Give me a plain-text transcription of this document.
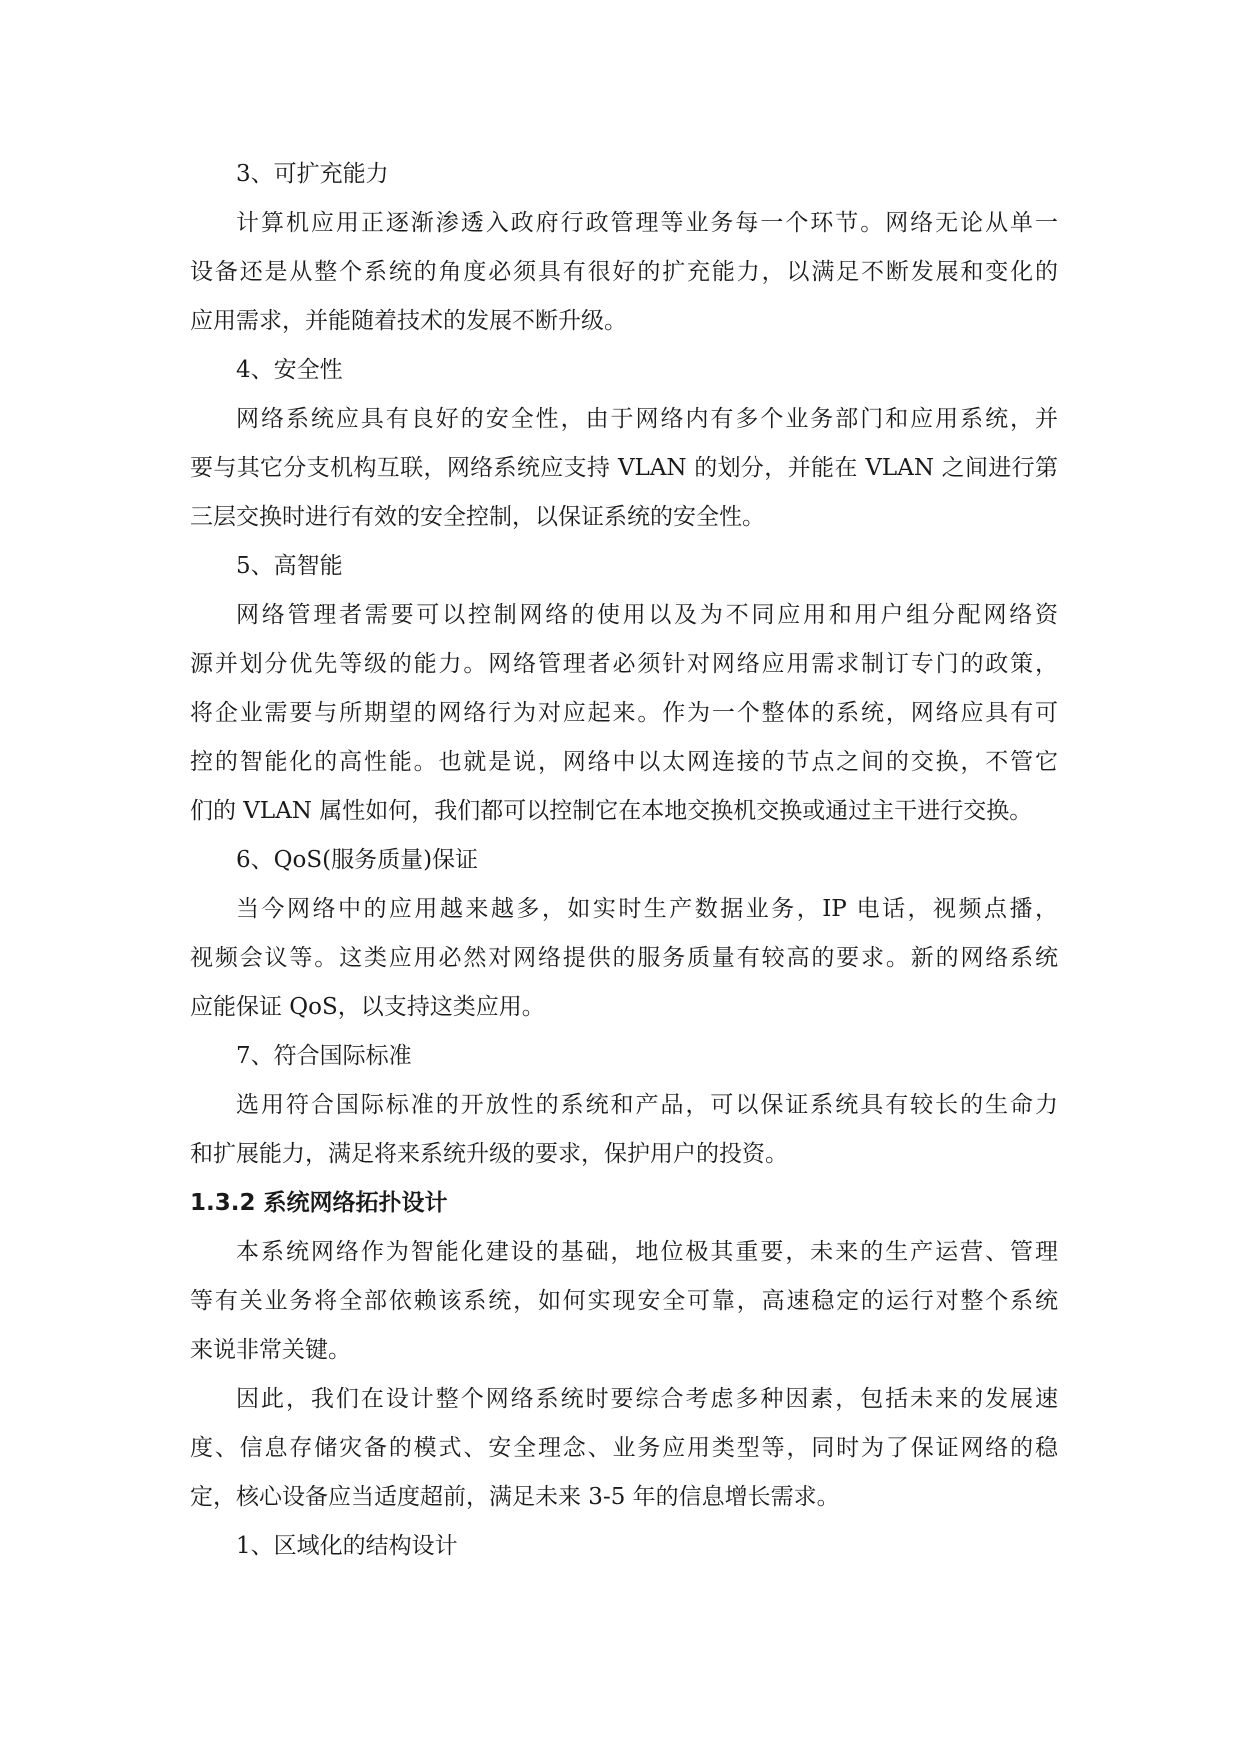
3、可扩充能力
计算机应用正逐渐渗透入政府行政管理等业务每一个环节。网络无论从单一
设备还是从整个系统的角度必须具有很好的扩充能力，以满足不断发展和变化的
应用需求，并能随着技术的发展不断升级。
4、安全性
网络系统应具有良好的安全性，由于网络内有多个业务部门和应用系统，并
要与其它分支机构互联，网络系统应支持 VLAN 的划分，并能在 VLAN 之间进行第
三层交换时进行有效的安全控制，以保证系统的安全性。
5、高智能
网络管理者需要可以控制网络的使用以及为不同应用和用户组分配网络资
源并划分优先等级的能力。网络管理者必须针对网络应用需求制订专门的政策，
将企业需要与所期望的网络行为对应起来。作为一个整体的系统，网络应具有可
控的智能化的高性能。也就是说，网络中以太网连接的节点之间的交换，不管它
们的 VLAN 属性如何，我们都可以控制它在本地交换机交换或通过主干进行交换。
6、QoS(服务质量)保证
当今网络中的应用越来越多，如实时生产数据业务，IP 电话，视频点播，
视频会议等。这类应用必然对网络提供的服务质量有较高的要求。新的网络系统
应能保证 QoS，以支持这类应用。
7、符合国际标准
选用符合国际标准的开放性的系统和产品，可以保证系统具有较长的生命力
和扩展能力，满足将来系统升级的要求，保护用户的投资。
1.3.2 系统网络拓扑设计
本系统网络作为智能化建设的基础，地位极其重要，未来的生产运营、管理
等有关业务将全部依赖该系统，如何实现安全可靠，高速稳定的运行对整个系统
来说非常关键。
因此，我们在设计整个网络系统时要综合考虑多种因素，包括未来的发展速
度、信息存储灾备的模式、安全理念、业务应用类型等，同时为了保证网络的稳
定，核心设备应当适度超前，满足未来 3-5 年的信息增长需求。
1、区域化的结构设计
